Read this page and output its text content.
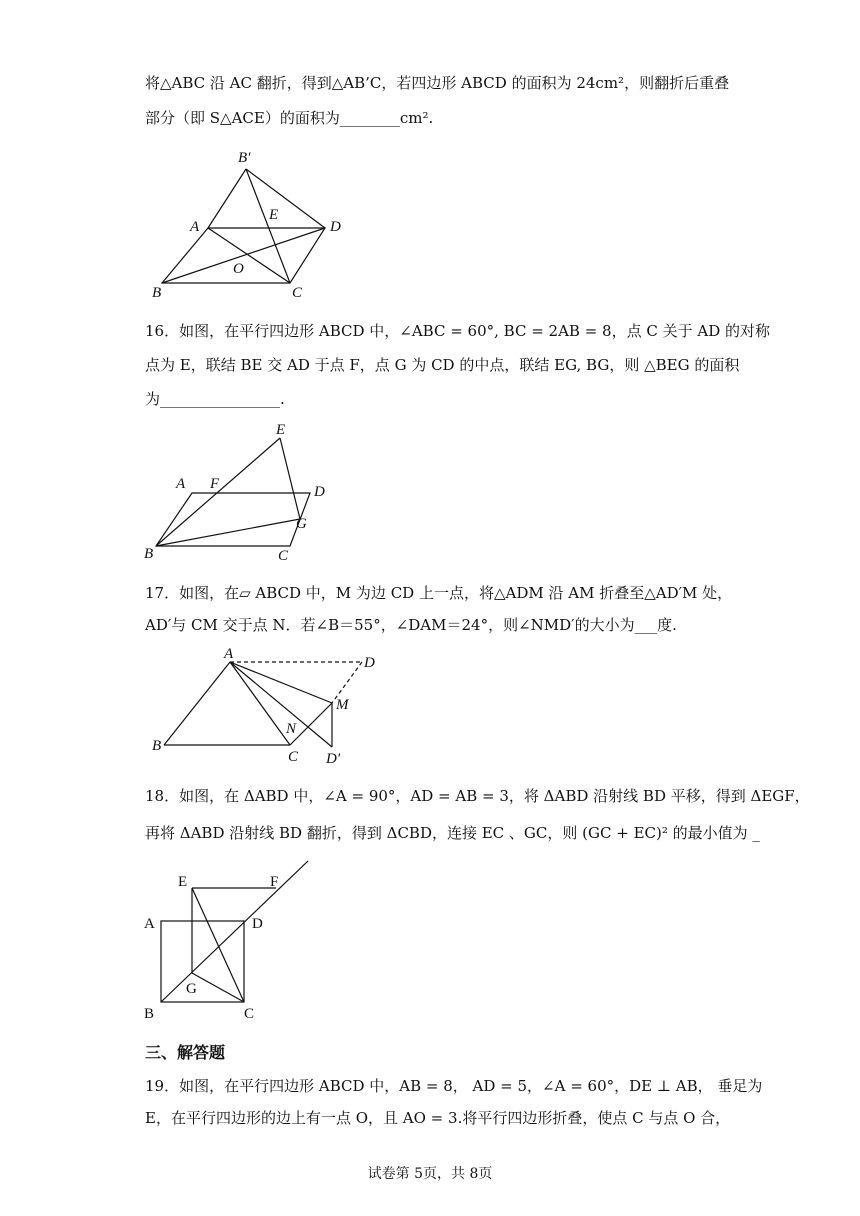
将△ABC 沿 AC 翻折，得到△AB’C，若四边形 ABCD 的面积为 24cm²，则翻折后重叠
部分（即 S△ACE）的面积为________cm².
B′
A
E
D
O
B	C
16．如图，在平行四边形 ABCD 中，∠ABC = 60°, BC = 2AB = 8，点 C 关于 AD 的对称
点为 E，联结 BE 交 AD 于点 F，点 G 为 CD 的中点，联结 EG, BG，则 △BEG 的面积
为________________.
E
A F	D
G
B	C
17．如图，在▱ ABCD 中，M 为边 CD 上一点，将△ADM 沿 AM 折叠至△AD′M 处，
AD′与 CM 交于点 N．若∠B＝55°，∠DAM＝24°，则∠NMD′的大小为___度.
A
D
M
N
B
C D′
18．如图，在 ΔABD 中，∠A = 90°，AD = AB = 3，将 ΔABD 沿射线 BD 平移，得到 ΔEGF，
再将 ΔABD 沿射线 BD 翻折，得到 ΔCBD，连接 EC 、GC，则 (GC + EC)² 的最小值为 _
E	F
A	D
G
B	C
三、解答题
19．如图，在平行四边形 ABCD 中，AB = 8， AD = 5，∠A = 60°，DE ⊥ AB， 垂足为
E，在平行四边形的边上有一点 O，且 AO = 3.将平行四边形折叠，使点 C 与点 O 合，
试卷第 5页，共 8页
